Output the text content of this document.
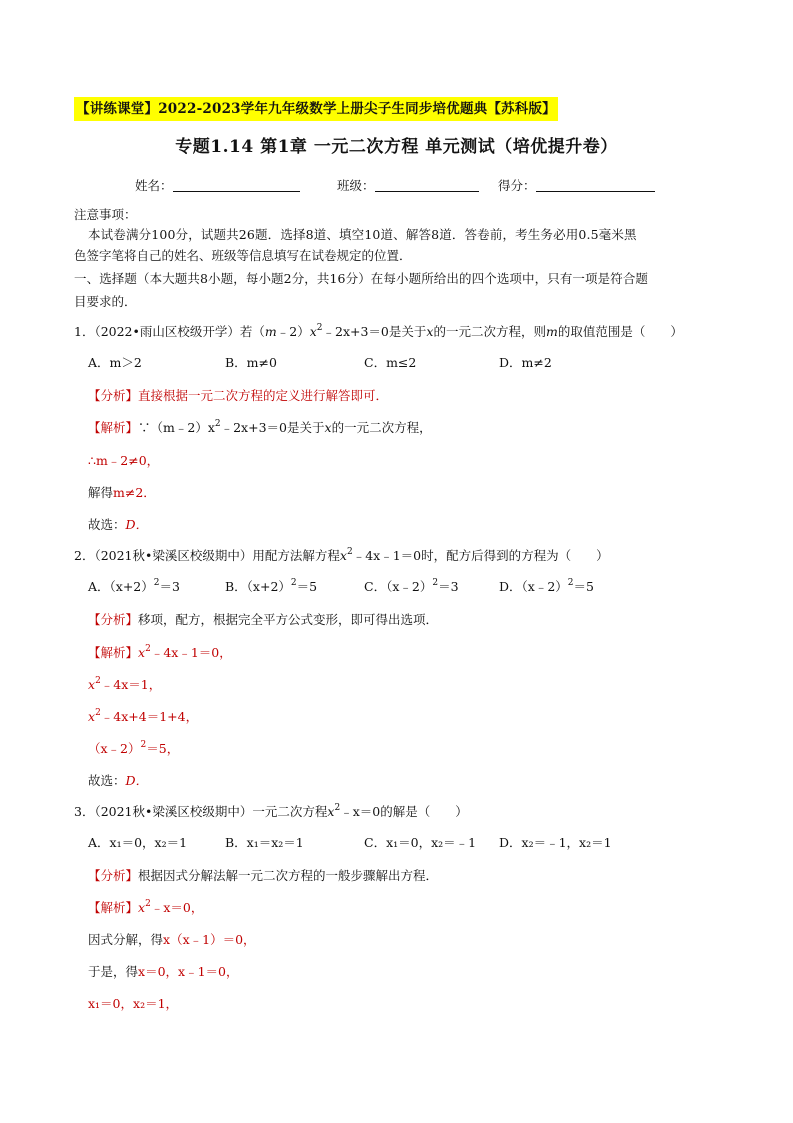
【讲练课堂】2022-2023学年九年级数学上册尖子生同步培优题典【苏科版】
专题1.14 第1章 一元二次方程 单元测试（培优提升卷）
姓名：	班级：	得分：
注意事项：
本试卷满分100分，试题共26题．选择8道、填空10道、解答8道．答卷前，考生务必用0.5毫米黑
色签字笔将自己的姓名、班级等信息填写在试卷规定的位置．
一、选择题（本大题共8小题，每小题2分，共16分）在每小题所给出的四个选项中，只有一项是符合题
目要求的．
1．（2022•雨山区校级开学）若$(m﹣2)x^2﹣2x+3=0$是关于x的一元二次方程，则m的取值范围是（　　）
A．m＞2	B．m≠0	C．m≤2	D．m≠2
【分析】直接根据一元二次方程的定义进行解答即可．
【解析】$\because(m﹣2)x^2﹣2x+3=0$是关于x的一元二次方程，
∴m﹣2≠0，
解得m≠2．
故选：D．
2．（2021秋•梁溪区校级期中）用配方法解方程$x^2﹣4x﹣1=0$时，配方后得到的方程为（　　）
A．$(x+2)^2=3$	B．$(x+2)^2=5$	C．（x﹣2）$^2$＝3	D．（x﹣2）$^2$＝5
【分析】移项，配方，根据完全平方公式变形，即可得出选项．
【解析】$x^2﹣4x﹣1=0$，
$x^2﹣4x=1$，
$x^2﹣4x+4=1+4$，
（x﹣2）$^2$＝5，
故选：D．
3．（2021秋•梁溪区校级期中）一元二次方程$x^2﹣x=0$的解是（　　）
A．x₁＝0，x₂＝1	B．x₁＝x₂＝1	C．x₁＝0，x₂＝﹣1 D．x₂＝﹣1，x₂＝1
【分析】根据因式分解法解一元二次方程的一般步骤解出方程．
【解析】$x^2﹣x=0$，
因式分解，得x（x﹣1）＝0，
于是，得x＝0，x﹣1＝0，
x₁＝0，x₂＝1，
